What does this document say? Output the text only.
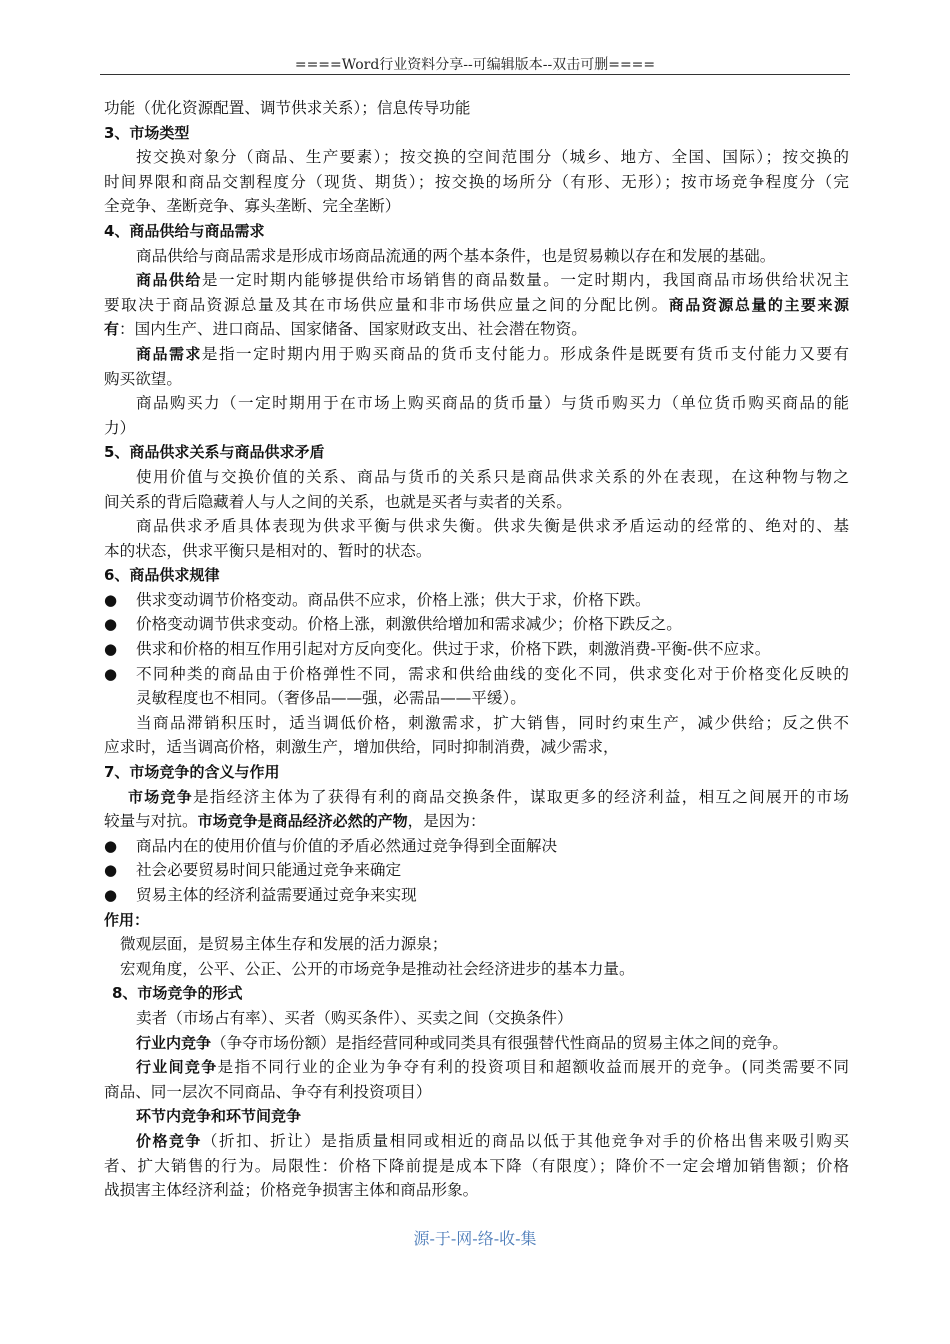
====Word行业资料分享--可编辑版本--双击可删====
功能（优化资源配置、调节供求关系）；信息传导功能
3、市场类型
按交换对象分（商品、生产要素）；按交换的空间范围分（城乡、地方、全国、国际）；按交换的
时间界限和商品交割程度分（现货、期货）；按交换的场所分（有形、无形）；按市场竞争程度分（完
全竞争、垄断竞争、寡头垄断、完全垄断）
4、商品供给与商品需求
商品供给与商品需求是形成市场商品流通的两个基本条件，也是贸易赖以存在和发展的基础。
商品供给是一定时期内能够提供给市场销售的商品数量。一定时期内，我国商品市场供给状况主
要取决于商品资源总量及其在市场供应量和非市场供应量之间的分配比例。商品资源总量的主要来源
有：国内生产、进口商品、国家储备、国家财政支出、社会潜在物资。
商品需求是指一定时期内用于购买商品的货币支付能力。形成条件是既要有货币支付能力又要有
购买欲望。
商品购买力（一定时期用于在市场上购买商品的货币量）与货币购买力（单位货币购买商品的能
力）
5、商品供求关系与商品供求矛盾
使用价值与交换价值的关系、商品与货币的关系只是商品供求关系的外在表现，在这种物与物之
间关系的背后隐藏着人与人之间的关系，也就是买者与卖者的关系。
商品供求矛盾具体表现为供求平衡与供求失衡。供求失衡是供求矛盾运动的经常的、绝对的、基
本的状态，供求平衡只是相对的、暂时的状态。
6、商品供求规律
● 供求变动调节价格变动。商品供不应求，价格上涨；供大于求，价格下跌。
● 价格变动调节供求变动。价格上涨，刺激供给增加和需求减少；价格下跌反之。
● 供求和价格的相互作用引起对方反向变化。供过于求，价格下跌，刺激消费-平衡-供不应求。
● 不同种类的商品由于价格弹性不同，需求和供给曲线的变化不同，供求变化对于价格变化反映的
灵敏程度也不相同。（奢侈品——强，必需品——平缓）。
当商品滞销积压时，适当调低价格，刺激需求，扩大销售，同时约束生产，减少供给；反之供不
应求时，适当调高价格，刺激生产，增加供给，同时抑制消费，减少需求，
7、市场竞争的含义与作用
市场竞争是指经济主体为了获得有利的商品交换条件，谋取更多的经济利益，相互之间展开的市场
较量与对抗。市场竞争是商品经济必然的产物，是因为：
● 商品内在的使用价值与价值的矛盾必然通过竞争得到全面解决
● 社会必要贸易时间只能通过竞争来确定
● 贸易主体的经济利益需要通过竞争来实现
作用：
微观层面，是贸易主体生存和发展的活力源泉；
宏观角度，公平、公正、公开的市场竞争是推动社会经济进步的基本力量。
8、市场竞争的形式
卖者（市场占有率）、买者（购买条件）、买卖之间（交换条件）
行业内竞争（争夺市场份额）是指经营同种或同类具有很强替代性商品的贸易主体之间的竞争。
行业间竞争是指不同行业的企业为争夺有利的投资项目和超额收益而展开的竞争。(同类需要不同
商品、同一层次不同商品、争夺有利投资项目）
环节内竞争和环节间竞争
价格竞争（折扣、折让）是指质量相同或相近的商品以低于其他竞争对手的价格出售来吸引购买
者、扩大销售的行为。局限性：价格下降前提是成本下降（有限度）；降价不一定会增加销售额；价格
战损害主体经济利益；价格竞争损害主体和商品形象。
源-于-网-络-收-集
